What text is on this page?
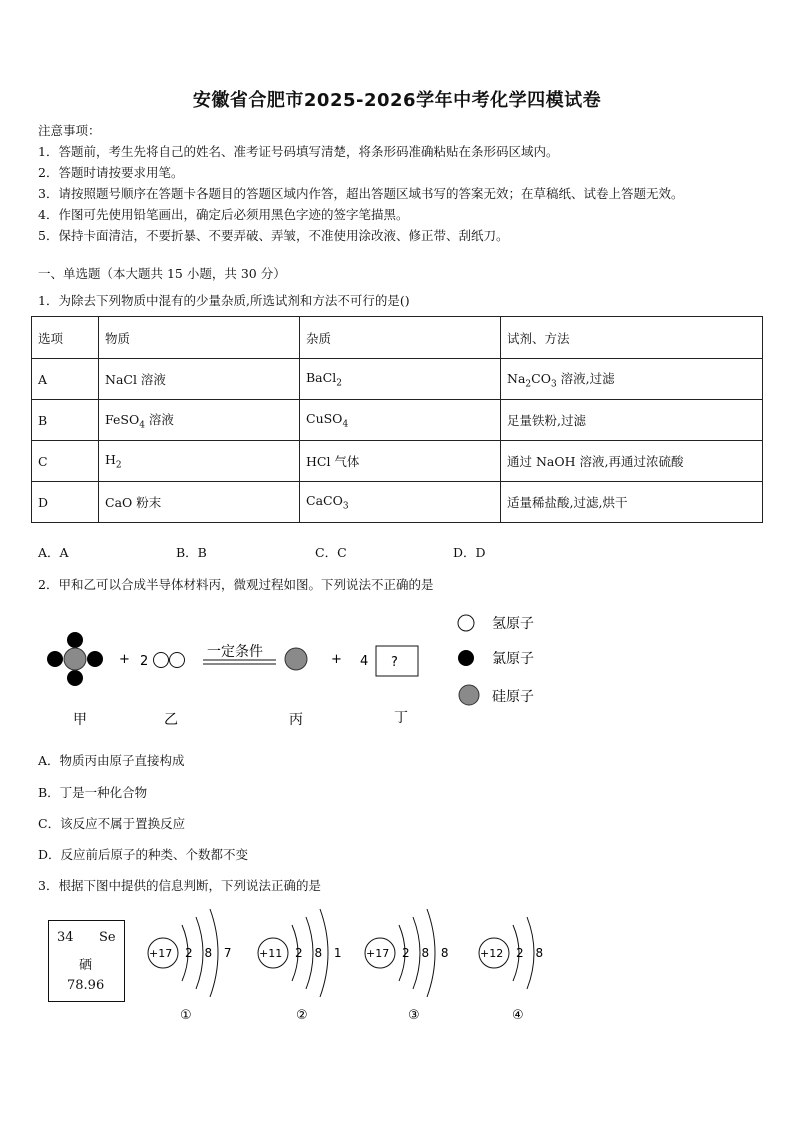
安徽省合肥市2025-2026学年中考化学四模试卷
注意事项：
1．答题前，考生先将自己的姓名、准考证号码填写清楚，将条形码准确粘贴在条形码区域内。
2．答题时请按要求用笔。
3．请按照题号顺序在答题卡各题目的答题区域内作答，超出答题区域书写的答案无效；在草稿纸、试卷上答题无效。
4．作图可先使用铅笔画出，确定后必须用黑色字迹的签字笔描黑。
5．保持卡面清洁，不要折暴、不要弄破、弄皱，不准使用涂改液、修正带、刮纸刀。
一、单选题（本大题共 15 小题，共 30 分）
1．为除去下列物质中混有的少量杂质,所选试剂和方法不可行的是()
选项	物质	杂质	试剂、方法
A	NaCl 溶液	BaCl$_2$	$Na_2CO_3$ 溶液,过滤
B	FeSO$_4$ 溶液	CuSO$_4$	足量铁粉,过滤
C	$H_2$	HCl 气体	通过 NaOH 溶液,再通过浓硫酸
D	CaO 粉末	CaCO$_3$	适量稀盐酸,过滤,烘干
A．A	B．B	C．C	D．D
2．甲和乙可以合成半导体材料丙，微观过程如图。下列说法不正确的是
+ 2
一定条件	+ 4 ?
甲	乙	丙	丁
氢原子
氯原子
硅原子
A．物质丙由原子直接构成
B．丁是一种化合物
C．该反应不属于置换反应
D．反应前后原子的种类、个数都不变
3．根据下图中提供的信息判断，下列说法正确的是
34 Se
硒
78.96
+17 2 8 7
①
+11 2 8 1
②
+17 2 8 8
③
+12 2 8
④
